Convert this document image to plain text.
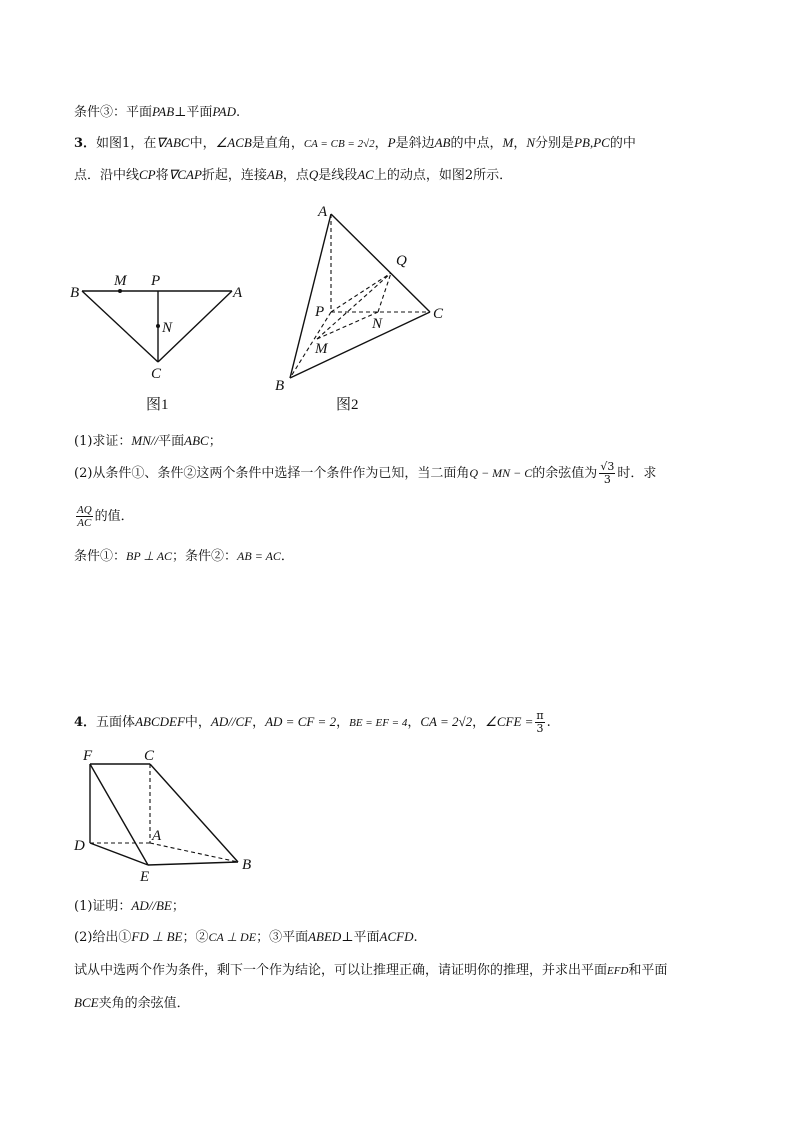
条件③：平面PAB⊥平面PAD.
3．如图1，在∇ABC中，∠ACB是直角，CA = CB = 2√2，P是斜边AB的中点，M，N分别是PB,PC的中
点．沿中线CP将∇CAP折起，连接AB，点Q是线段AC上的动点，如图2所示．
B
M P
A
N
C
图1
A
Q
P
N
C
M
B
图2
F	C
D
A
E
B
(1)求证：MN//平面ABC；
(2)从条件①、条件②这两个条件中选择一个条件作为已知，当二面角Q − MN − C的余弦值为 $\frac{√3}{3}$ 时．求
$\frac{AQ}{AC}$ 的值．
条件①：BP ⊥ AC；条件②：AB = AC．
4．五面体ABCDEF中，AD//CF，AD = CF = 2，BE = EF = 4，CA = 2√2，∠CFE = $\frac{\pi}{3}$ .
(1)证明：AD//BE；
(2)给出①FD ⊥ BE；②CA ⊥ DE；③平面ABED⊥平面ACFD.
试从中选两个作为条件，剩下一个作为结论，可以让推理正确，请证明你的推理，并求出平面EFD和平面
BCE夹角的余弦值．
